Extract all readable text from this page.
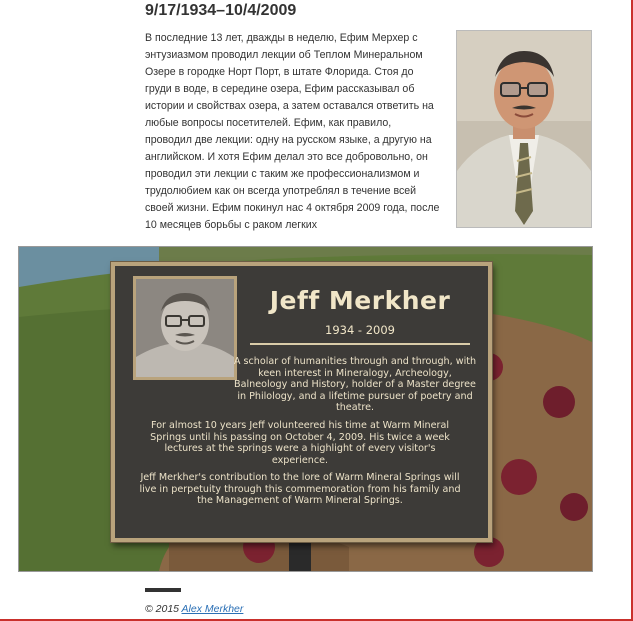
9/17/1934–10/4/2009
В последние 13 лет, дважды в неделю, Ефим Мерхер с энтузиазмом проводил лекции об Теплом Минеральном Озере в городке Норт Порт, в штате Флорида. Стоя до груди в воде, в середине озера, Ефим рассказывал об истории и свойствах озера, а затем оставался ответить на любые вопросы посетителей. Ефим, как правило, проводил две лекции: одну на русском языке, а другую на английском. И хотя Ефим делал это все добровольно, он проводил эти лекции с таким же профессионализмом и трудолюбием как он всегда употреблял в течение всей своей жизни. Ефим покинул нас 4 октября 2009 года, после 10 месяцев борьбы с раком легких
Jeff Merkher
1934 - 2009
A scholar of humanities through and through, with keen interest in Mineralogy, Archeology, Balneology and History, holder of a Master degree in Philology, and a lifetime pursuer of poetry and theatre.
For almost 10 years Jeff volunteered his time at Warm Mineral Springs until his passing on October 4, 2009. His twice a week lectures at the springs were a highlight of every visitor's experience.
Jeff Merkher's contribution to the lore of Warm Mineral Springs will live in perpetuity through this commemoration from his family and the Management of Warm Mineral Springs.
© 2015 Alex Merkher
